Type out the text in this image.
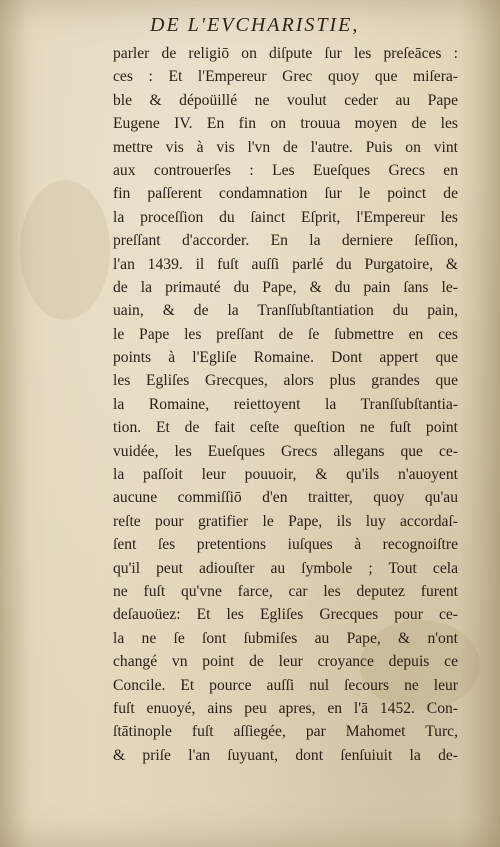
DE L'EVCHARISTIE,
parler de religiō on diſpute ſur les preſeāces :
ces : Et l'Empereur Grec quoy que miſera-
ble & dépoüillé ne voulut ceder au Pape
Eugene IV. En fin on trouua moyen de les
mettre vis à vis l'vn de l'autre. Puis on vint
aux controuerſes : Les Eueſques Grecs en
fin paſſerent condamnation ſur le poinct de
la proceſſion du ſainct Eſprit, l'Empereur les
preſſant d'accorder. En la derniere ſeſſion,
l'an 1439. il fuſt auſſi parlé du Purgatoire, &
de la primauté du Pape, & du pain ſans le-
uain, & de la Tranſſubſtantiation du pain,
le Pape les preſſant de ſe ſubmettre en ces
points à l'Egliſe Romaine. Dont appert que
les Egliſes Grecques, alors plus grandes que
la Romaine, reiettoyent la Tranſſubſtantia-
tion. Et de fait ceſte queſtion ne fuſt point
vuidée, les Eueſques Grecs allegans que ce-
la paſſoit leur pouuoir, & qu'ils n'auoyent
aucune commiſſiō d'en traitter, quoy qu'au
reſte pour gratifier le Pape, ils luy accordaſ-
ſent ſes pretentions iuſques à recognoiſtre
qu'il peut adiouſter au ſymbole ; Tout cela
ne fuſt qu'vne farce, car les deputez furent
deſauoüez: Et les Egliſes Grecques pour ce-
la ne ſe ſont ſubmiſes au Pape, & n'ont
changé vn point de leur croyance depuis ce
Concile. Et pource auſſi nul ſecours ne leur
fuſt enuoyé, ains peu apres, en l'ā 1452. Con-
ſtātinople fuſt aſſiegée, par Mahomet Turc,
& priſe l'an ſuyuant, dont ſenſuiuit la de-
